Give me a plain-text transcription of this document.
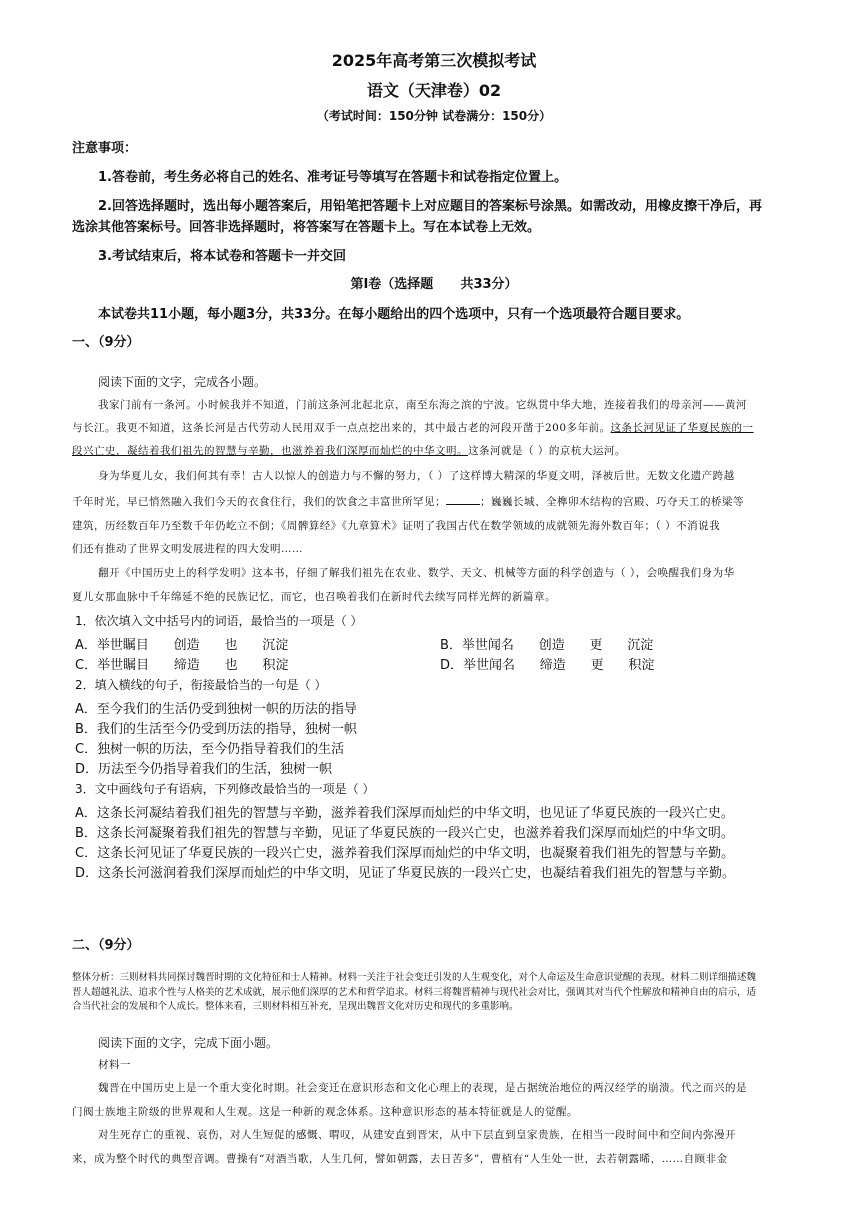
2025年高考第三次模拟考试
语文（天津卷）02
（考试时间：150分钟 试卷满分：150分）
注意事项：
1.答卷前，考生务必将自己的姓名、准考证号等填写在答题卡和试卷指定位置上。
2.回答选择题时，选出每小题答案后，用铅笔把答题卡上对应题目的答案标号涂黑。如需改动，用橡皮擦干净后，再
选涂其他答案标号。回答非选择题时，将答案写在答题卡上。写在本试卷上无效。
3.考试结束后，将本试卷和答题卡一并交回
第Ⅰ卷（选择题      共33分）
本试卷共11小题，每小题3分，共33分。在每小题给出的四个选项中，只有一个选项最符合题目要求。
一、（9分）
阅读下面的文字，完成各小题。
我家门前有一条河。小时候我并不知道，门前这条河北起北京，南至东海之滨的宁波。它纵贯中华大地，连接着我们的母亲河——黄河
与长江。我更不知道，这条长河是古代劳动人民用双手一点点挖出来的，其中最古老的河段开凿于200多年前。这条长河见证了华夏民族的一
段兴亡史，凝结着我们祖先的智慧与辛勤，也滋养着我们深厚而灿烂的中华文明。这条河就是（ ）的京杭大运河。
身为华夏儿女，我们何其有幸！古人以惊人的创造力与不懈的努力，（ ）了这样博大精深的华夏文明，泽被后世。无数文化遗产跨越
千年时光，早已悄然融入我们今天的衣食住行，我们的饮食之丰富世所罕见；	；巍巍长城、全榫卯木结构的宫殿、巧夺天工的桥梁等
建筑，历经数百年乃至数千年仍屹立不倒；《周髀算经》《九章算术》证明了我国古代在数学领域的成就领先海外数百年；（ ）不消说我
们还有推动了世界文明发展进程的四大发明……
翻开《中国历史上的科学发明》这本书，仔细了解我们祖先在农业、数学、天文、机械等方面的科学创造与（ ），会唤醒我们身为华
夏儿女那血脉中千年绵延不绝的民族记忆，而它，也召唤着我们在新时代去续写同样光辉的新篇章。
1．依次填入文中括号内的词语，最恰当的一项是（ ）
A．举世瞩目      创造      也      沉淀	B．举世闻名      创造      更      沉淀
C．举世瞩目      缔造      也      积淀	D．举世闻名      缔造      更      积淀
2．填入横线的句子，衔接最恰当的一句是（ ）
A．至今我们的生活仍受到独树一帜的历法的指导
B．我们的生活至今仍受到历法的指导，独树一帜
C．独树一帜的历法，至今仍指导着我们的生活
D．历法至今仍指导着我们的生活，独树一帜
3．文中画线句子有语病，下列修改最恰当的一项是（ ）
A．这条长河凝结着我们祖先的智慧与辛勤，滋养着我们深厚而灿烂的中华文明，也见证了华夏民族的一段兴亡史。
B．这条长河凝聚着我们祖先的智慧与辛勤，见证了华夏民族的一段兴亡史，也滋养着我们深厚而灿烂的中华文明。
C．这条长河见证了华夏民族的一段兴亡史，滋养着我们深厚而灿烂的中华文明，也凝聚着我们祖先的智慧与辛勤。
D．这条长河滋润着我们深厚而灿烂的中华文明，见证了华夏民族的一段兴亡史，也凝结着我们祖先的智慧与辛勤。
二、（9分）
整体分析：三则材料共同探讨魏晋时期的文化特征和士人精神。材料一关注于社会变迁引发的人生观变化，对个人命运及生命意识觉醒的表现。材料二则详细描述魏
晋人超越礼法、追求个性与人格美的艺术成就，展示他们深厚的艺术和哲学追求。材料三将魏晋精神与现代社会对比，强调其对当代个性解放和精神自由的启示，适
合当代社会的发展和个人成长。整体来看，三则材料相互补充，呈现出魏晋文化对历史和现代的多重影响。
阅读下面的文字，完成下面小题。
材料一
魏晋在中国历史上是一个重大变化时期。社会变迁在意识形态和文化心理上的表现，是占据统治地位的两汉经学的崩溃。代之而兴的是
门阀士族地主阶级的世界观和人生观。这是一种新的观念体系。这种意识形态的基本特征就是人的觉醒。
对生死存亡的重视、哀伤，对人生短促的感慨、喟叹，从建安直到晋宋，从中下层直到皇家贵族，在相当一段时间中和空间内弥漫开
来，成为整个时代的典型音调。曹操有“对酒当歌，人生几何，譬如朝露，去日苦多”，曹植有“人生处一世，去若朝露晞，……自顾非金
